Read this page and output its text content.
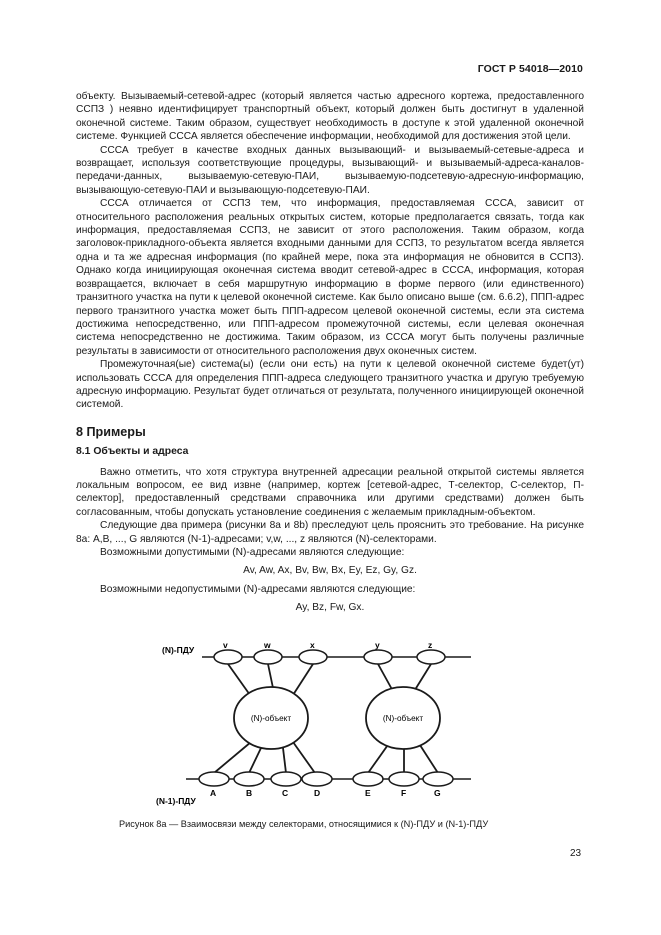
ГОСТ Р 54018—2010

объекту. Вызываемый-сетевой-адрес (который является частью адресного кортежа, предоставленного ССПЗ ) неявно идентифицирует транспортный объект, который должен быть достигнут в удаленной оконечной системе. Таким образом, существует необходимость в доступе к этой удаленной оконечной системе. Функцией СССА является обеспечение информации, необходимой для достижения этой цели.

СССА требует в качестве входных данных вызывающий- и вызываемый-сетевые-адреса и возвращает, используя соответствующие процедуры, вызывающий- и вызываемый-адреса-каналов-передачи-данных, вызываемую-сетевую-ПАИ, вызываемую-подсетевую-адресную-информацию, вызывающую-сетевую-ПАИ и вызывающую-подсетевую-ПАИ.

СССА отличается от ССПЗ тем, что информация, предоставляемая СССА, зависит от относительного расположения реальных открытых систем, которые предполагается связать, тогда как информация, предоставляемая ССПЗ, не зависит от этого расположения. Таким образом, когда заголовок-прикладного-объекта является входными данными для ССПЗ, то результатом всегда является одна и та же адресная информация (по крайней мере, пока эта информация не обновится в ССПЗ). Однако когда инициирующая оконечная система вводит сетевой-адрес в СССА, информация, которая возвращается, включает в себя маршрутную информацию в форме первого (или единственного) транзитного участка на пути к целевой оконечной системе. Как было описано выше (см. 6.6.2), ППП-адрес первого транзитного участка может быть ППП-адресом целевой оконечной системы, если эта система достижима непосредственно, или ППП-адресом промежуточной системы, если целевая оконечная система непосредственно не достижима. Таким образом, из СССА могут быть получены различные результаты в зависимости от относительного расположения двух оконечных систем.

Промежуточная(ые) система(ы) (если они есть) на пути к целевой оконечной системе будет(ут) использовать СССА для определения ППП-адреса следующего транзитного участка и другую требуемую адресную информацию. Результат будет отличаться от результата, полученного инициирующей оконечной системой.

8 Примеры
8.1 Объекты и адреса

Важно отметить, что хотя структура внутренней адресации реальной открытой системы является локальным вопросом, ее вид извне (например, кортеж [сетевой-адрес, Т-селектор, С-селектор, П-селектор], предоставленный средствами справочника или другими средствами) должен быть согласованным, чтобы допускать установление соединения с желаемым прикладным-объектом.

Следующие два примера (рисунки 8а и 8b) преследуют цель прояснить это требование. На рисунке 8а: A,B, ..., G являются (N-1)-адресами; v,w, ..., z являются (N)-селекторами.

Возможными допустимыми (N)-адресами являются следующие:

Av, Aw, Ax, Bv, Bw, Bx, Ey, Ez, Gy, Gz.

Возможными недопустимыми (N)-адресами являются следующие:

Ay, Bz, Fw, Gx.

(N)-объект	(N)-объект
(N)-ПДУ
(N-1)-ПДУ
v	w	x	y	z
A	B	C	D	E	F	G
Рисунок 8а — Взаимосвязи между селекторами, относящимися к (N)-ПДУ и (N-1)-ПДУ
23
